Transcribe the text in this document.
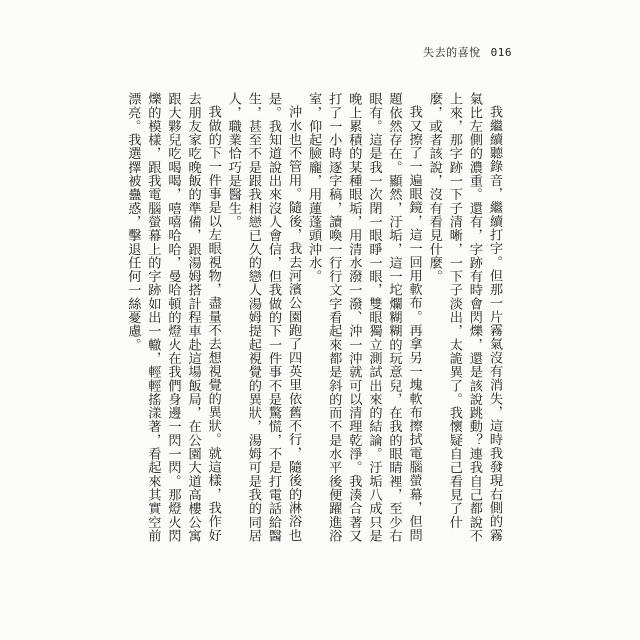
失去的喜悅 016

我繼續聽錄音，繼續打字。但那一片霧氣沒有消失，這時我發現右側的霧氣比左側的濃重。還有，字跡有時會閃爍，還是該說跳動？連我自己都說不上來，那字跡一下子清晰，一下子淡出，太詭異了。我懷疑自己看見了什麼，或者該說，沒有看見什麼。

我又擦了一遍眼鏡，這一回用軟布。再拿另一塊軟布擦拭電腦螢幕，但問題依然存在。顯然，汙垢，這一坨爛糊糊的玩意兒，在我的眼睛裡，至少右眼有。這是我一次閉一眼睜一眼，雙眼獨立測試出來的結論。汙垢八成只是晚上累積的某種眼垢，用清水潑一潑、沖一沖就可以清理乾淨。我湊合著又打了一小時逐字稿，讀喚一行行文字看起來都是斜的而不是水平後便躍進浴室，仰起臉龐，用蓮蓬頭沖水。

沖水也不管用。隨後，我去河濱公園跑了四英里依舊不行，隨後的淋浴也是。我知道說出來沒人會信，但我做的下一件事不是驚慌，不是打電話給醫生，甚至不是跟我相戀已久的戀人湯姆提起視覺的異狀，湯姆可是我的同居人，職業恰巧是醫生。

我做的下一件事是以左眼視物，盡量不去想視覺的異狀。就這樣，我作好去朋友家吃晚飯的準備，跟湯姆搭計程車赴這場飯局，在公園大道高樓公寓跟大夥兒吃喝喝，嘻嘻哈哈，曼哈頓的燈火在我們身邊一閃一閃。那燈火閃爍的模樣，跟我電腦螢幕上的字跡如出一轍，輕輕搖漾著，看起來其實空前漂亮。我選擇被蠱惑，擊退任何一絲憂慮。
